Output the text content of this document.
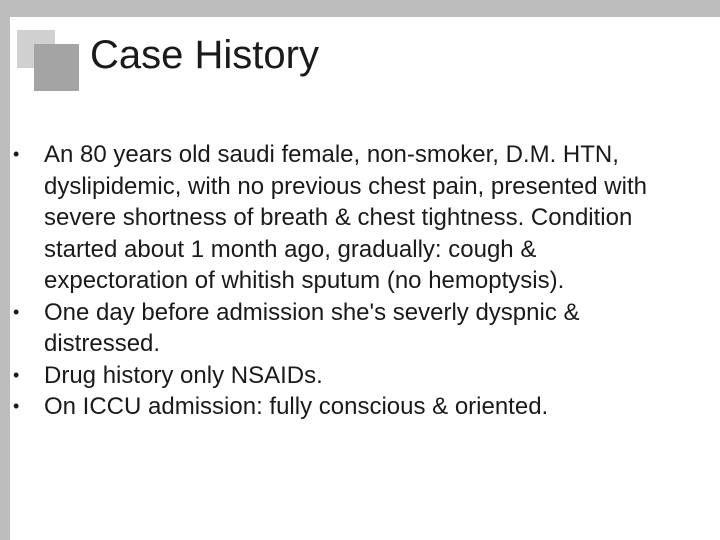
Case History
• An 80 years old saudi female, non-smoker, D.M. HTN,
dyslipidemic, with no previous chest pain, presented with
severe shortness of breath & chest tightness. Condition
started about 1 month ago, gradually: cough &
expectoration of whitish sputum (no hemoptysis).
• One day before admission she's severly dyspnic &
distressed.
• Drug history only NSAIDs.
• On ICCU admission: fully conscious & oriented.
